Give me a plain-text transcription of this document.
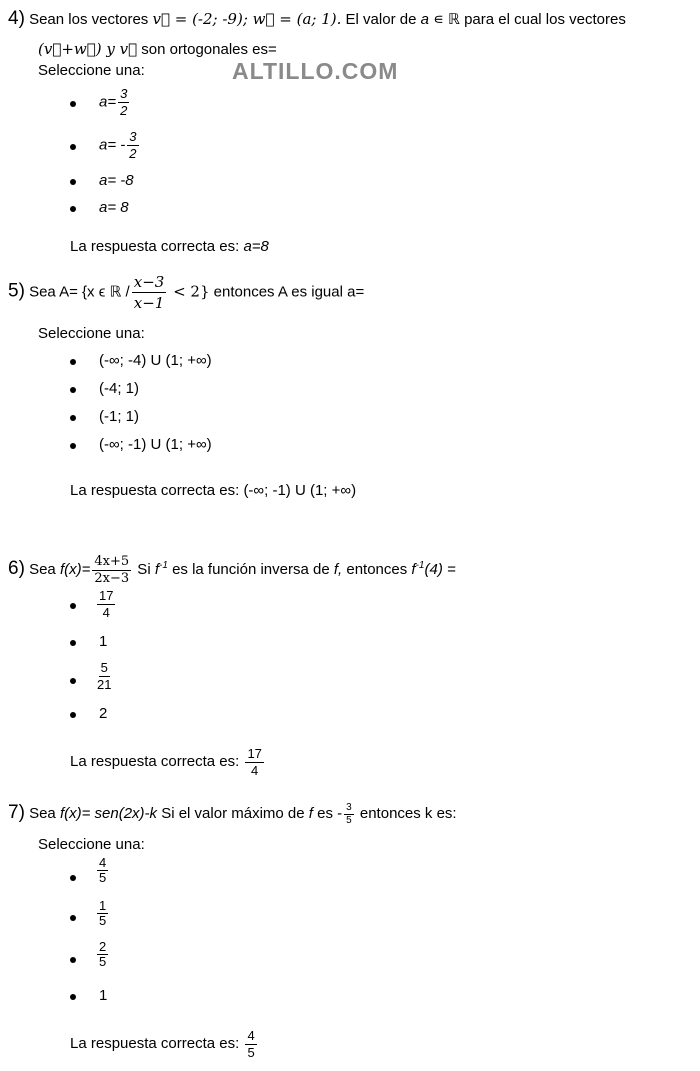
ALTILLO.COM
4) Sean los vectores v⃗ = (-2; -9); w⃗ = (a; 1). El valor de a ∊ ℝ para el cual los vectores
(v⃗+w⃗) y v⃗ son ortogonales es=
Seleccione una:
$a= \frac{3}{2}$
$a= - \frac{3}{2}$
a= -8
a= 8
La respuesta correcta es: a=8
5) Sea A= {x ϵ ℝ / $\frac{x-3}{x-1} < 2$} entonces A es igual a=
Seleccione una:
(-∞; -4) U (1; +∞)
(-4; 1)
(-1; 1)
(-∞; -1) U (1; +∞)
La respuesta correcta es: (-∞; -1) U (1; +∞)
6) Sea $f(x)= \frac{4x+5}{2x-3}$ Si $f^{-1}$ es la función inversa de f, entonces $f^{-1}(4)$ =
$\frac{17}{4}$
1
$\frac{5}{21}$
2
La respuesta correcta es: $\frac{17}{4}$
7) Sea f(x)= sen(2x)-k Si el valor máximo de f es - $\frac{3}{5}$ entonces k es:
Seleccione una:
$\frac{4}{5}$
$\frac{1}{5}$
$\frac{2}{5}$
1
La respuesta correcta es: $\frac{4}{5}$
